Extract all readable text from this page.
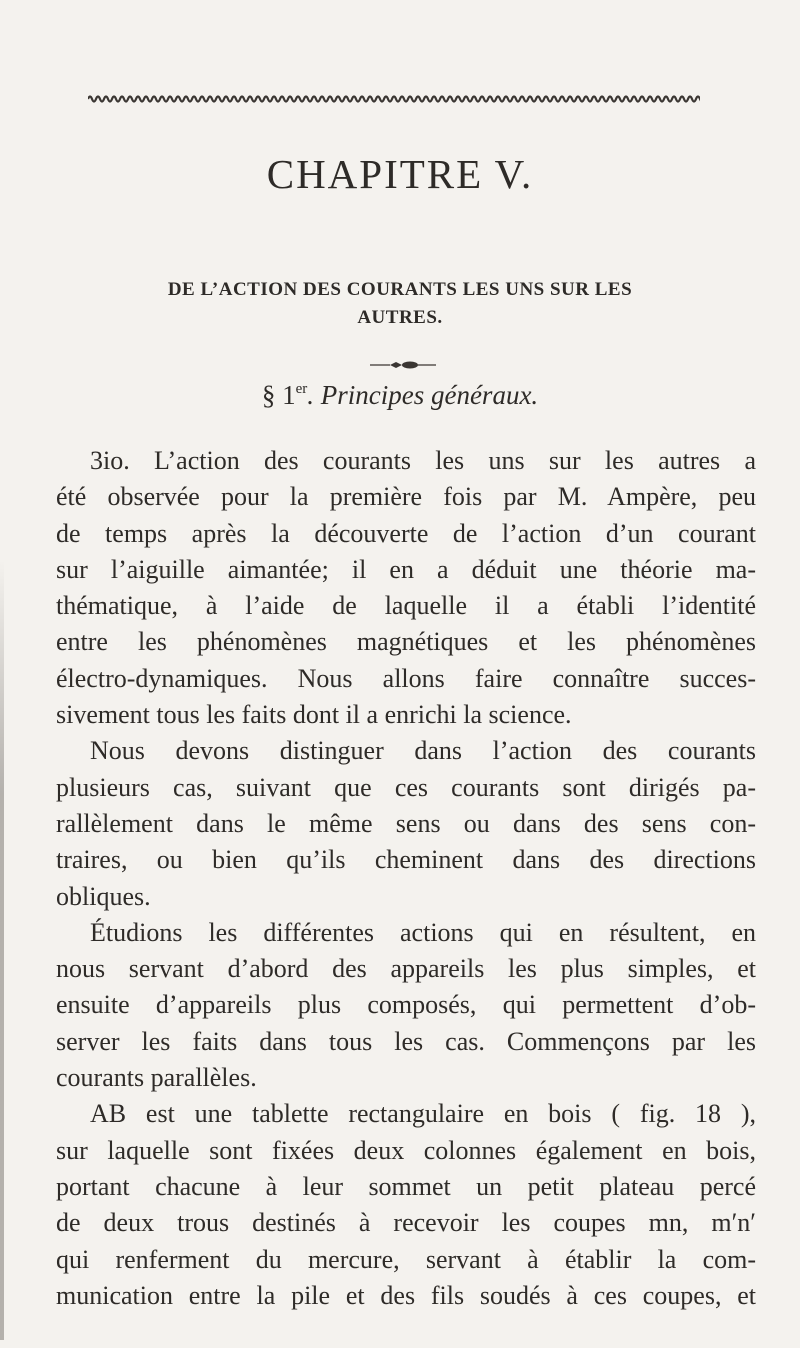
CHAPITRE V.
DE L’ACTION DES COURANTS LES UNS SUR LES
AUTRES.
§ 1er. Principes généraux.
3io. L’action des courants les uns sur les autres a
été observée pour la première fois par M. Ampère, peu
de temps après la découverte de l’action d’un courant
sur l’aiguille aimantée; il en a déduit une théorie ma-
thématique, à l’aide de laquelle il a établi l’identité
entre les phénomènes magnétiques et les phénomènes
électro-dynamiques. Nous allons faire connaître succes-
sivement tous les faits dont il a enrichi la science.
Nous devons distinguer dans l’action des courants
plusieurs cas, suivant que ces courants sont dirigés pa-
rallèlement dans le même sens ou dans des sens con-
traires, ou bien qu’ils cheminent dans des directions
obliques.
Étudions les différentes actions qui en résultent, en
nous servant d’abord des appareils les plus simples, et
ensuite d’appareils plus composés, qui permettent d’ob-
server les faits dans tous les cas. Commençons par les
courants parallèles.
AB est une tablette rectangulaire en bois ( fig. 18 ),
sur laquelle sont fixées deux colonnes également en bois,
portant chacune à leur sommet un petit plateau percé
de deux trous destinés à recevoir les coupes mn, m′n′
qui renferment du mercure, servant à établir la com-
munication entre la pile et des fils soudés à ces coupes, et
